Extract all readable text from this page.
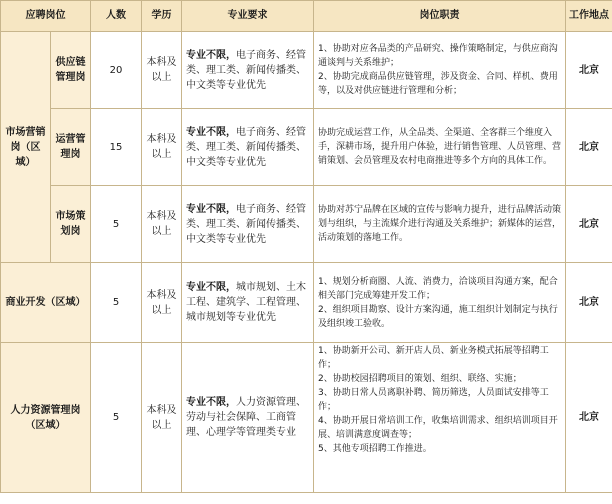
应聘岗位		人数	学历	专业要求	岗位职责	工作地点
市场营销岗（区域）	供应链管理岗	20	本科及以上	专业不限，电子商务、经管类、理工类、新闻传播类、中文类等专业优先	1、协助对应各品类的产品研究、操作策略制定，与供应商沟通谈判与关系维护；
2、协助完成商品供应链管理，涉及资金、合同、样机、费用等，以及对供应链进行管理和分析；	北京
	运营管理岗	15	本科及以上	专业不限，电子商务、经管类、理工类、新闻传播类、中文类等专业优先	协助完成运营工作，从全品类、全渠道、全客群三个维度入手，深耕市场，提升用户体验，进行销售管理、人员管理、营销策划、会员管理及农村电商推进等多个方向的具体工作。	北京
	市场策划岗	5	本科及以上	专业不限，电子商务、经管类、理工类、新闻传播类、中文类等专业优先	协助对苏宁品牌在区域的宣传与影响力提升，进行品牌活动策划与组织，与主流媒介进行沟通及关系维护；新媒体的运营，活动策划的落地工作。	北京
商业开发（区域）		5	本科及以上	专业不限，城市规划、土木工程、建筑学、工程管理、城市规划等专业优先	1、规划分析商圈、人流、消费力，洽谈项目沟通方案，配合相关部门完成筹建开发工作；
2、组织项目勘察、设计方案沟通，施工组织计划制定与执行及组织竣工验收。	北京
人力资源管理岗（区域）		5	本科及以上	专业不限，人力资源管理、劳动与社会保障、工商管理、心理学等管理类专业	1、协助新开公司、新开店人员、新业务模式拓展等招聘工作；
2、协助校园招聘项目的策划、组织、联络、实施；
3、协助日常人员离职补聘、简历筛选，人员面试安排等工作；
4、协助开展日常培训工作，收集培训需求、组织培训项目开展、培训满意度调查等；
5、其他专项招聘工作推进。	北京
